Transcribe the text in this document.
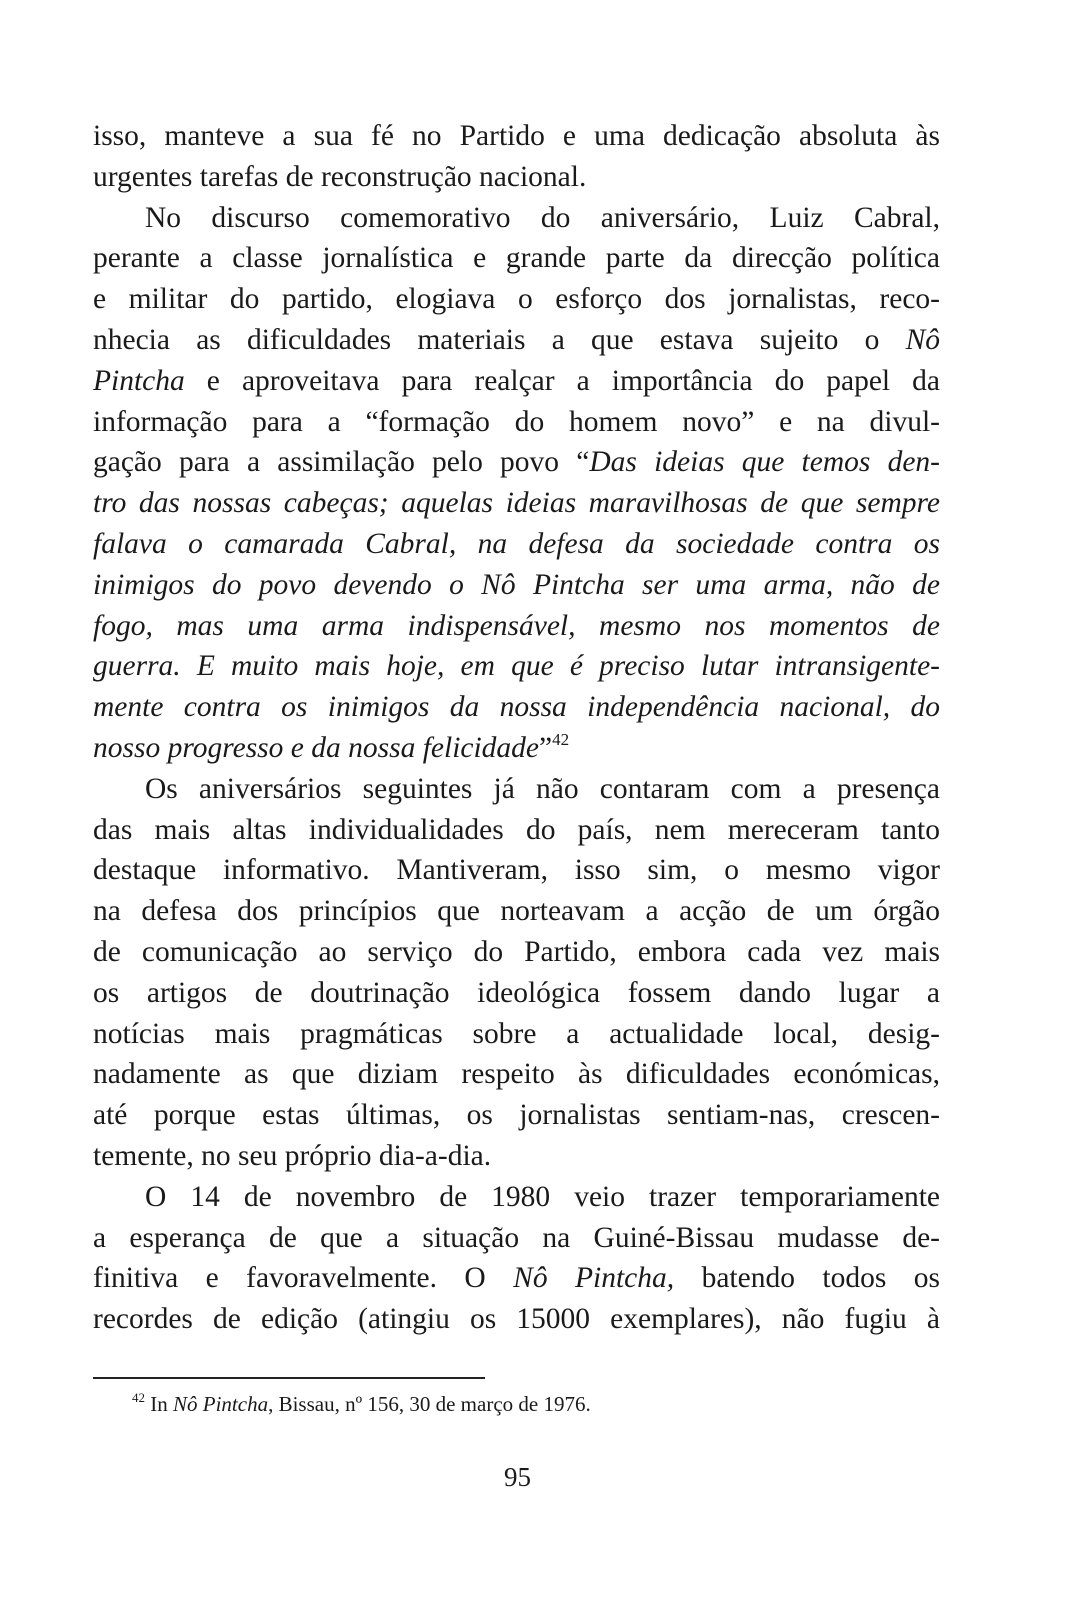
isso, manteve a sua fé no Partido e uma dedicação absoluta às
urgentes tarefas de reconstrução nacional.
No discurso comemorativo do aniversário, Luiz Cabral,
perante a classe jornalística e grande parte da direcção política
e militar do partido, elogiava o esforço dos jornalistas, reco-
nhecia as dificuldades materiais a que estava sujeito o Nô
Pintcha e aproveitava para realçar a importância do papel da
informação para a “formação do homem novo” e na divul-
gação para a assimilação pelo povo “Das ideias que temos den-
tro das nossas cabeças; aquelas ideias maravilhosas de que sempre
falava o camarada Cabral, na defesa da sociedade contra os
inimigos do povo devendo o Nô Pintcha ser uma arma, não de
fogo, mas uma arma indispensável, mesmo nos momentos de
guerra. E muito mais hoje, em que é preciso lutar intransigente-
mente contra os inimigos da nossa independência nacional, do
nosso progresso e da nossa felicidade”$^{42}$
Os aniversários seguintes já não contaram com a presença
das mais altas individualidades do país, nem mereceram tanto
destaque informativo. Mantiveram, isso sim, o mesmo vigor
na defesa dos princípios que norteavam a acção de um órgão
de comunicação ao serviço do Partido, embora cada vez mais
os artigos de doutrinação ideológica fossem dando lugar a
notícias mais pragmáticas sobre a actualidade local, desig-
nadamente as que diziam respeito às dificuldades económicas,
até porque estas últimas, os jornalistas sentiam-nas, crescen-
temente, no seu próprio dia-a-dia.
O 14 de novembro de 1980 veio trazer temporariamente
a esperança de que a situação na Guiné-Bissau mudasse de-
finitiva e favoravelmente. O Nô Pintcha, batendo todos os
recordes de edição (atingiu os 15000 exemplares), não fugiu à
$^{42}$ In Nô Pintcha, Bissau, nº 156, 30 de março de 1976.
95
